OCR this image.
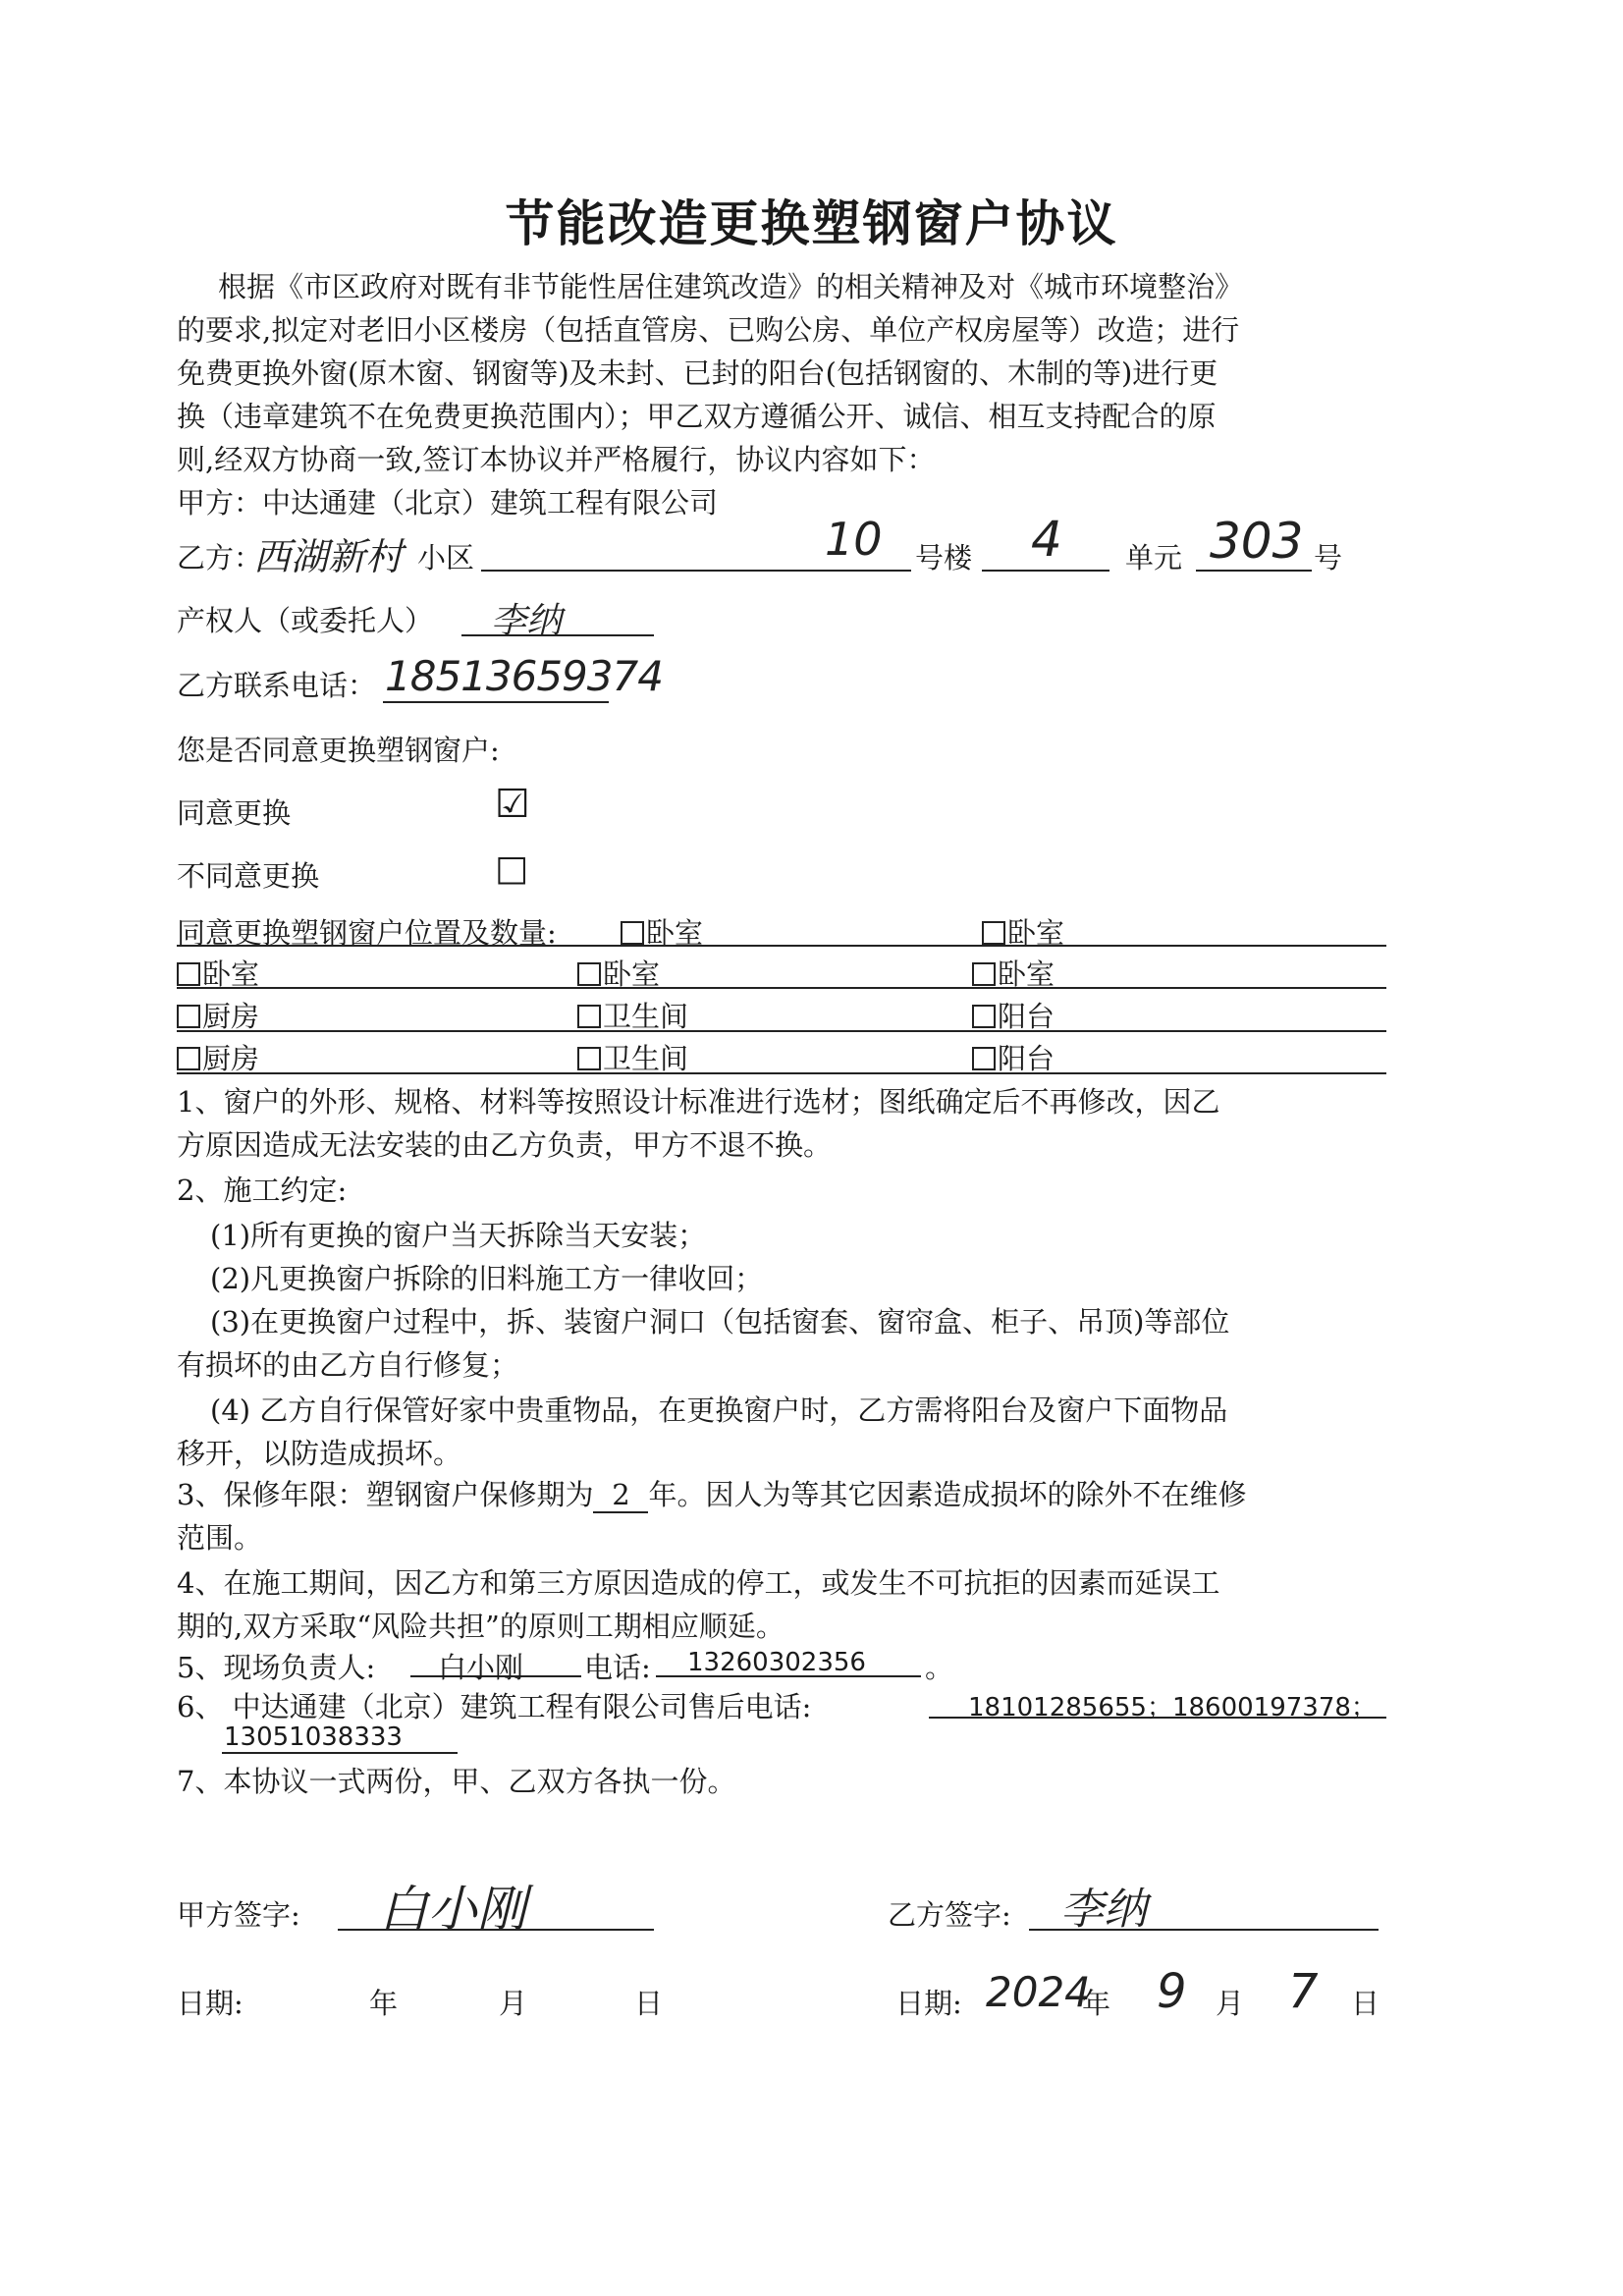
节能改造更换塑钢窗户协议
根据《市区政府对既有非节能性居住建筑改造》的相关精神及对《城市环境整治》
的要求,拟定对老旧小区楼房（包括直管房、已购公房、单位产权房屋等）改造；进行
免费更换外窗(原木窗、钢窗等)及未封、已封的阳台(包括钢窗的、木制的等)进行更
换（违章建筑不在免费更换范围内）；甲乙双方遵循公开、诚信、相互支持配合的原
则,经双方协商一致,签订本协议并严格履行，协议内容如下：
甲方：中达通建（北京）建筑工程有限公司
乙方：
西湖新村 小区	10 号楼 4 单元 303 号
产权人（或委托人） 李纳
乙方联系电话： 18513659374
您是否同意更换塑钢窗户:
同意更换	☑
不同意更换	□
同意更换塑钢窗户位置及数量:	卧室	卧室
卧室	卧室	卧室
厨房	卫生间	阳台
厨房	卫生间	阳台
1、窗户的外形、规格、材料等按照设计标准进行选材；图纸确定后不再修改，因乙
方原因造成无法安装的由乙方负责，甲方不退不换。
2、施工约定:
(1)所有更换的窗户当天拆除当天安装；
(2)凡更换窗户拆除的旧料施工方一律收回；
(3)在更换窗户过程中，拆、装窗户洞口（包括窗套、窗帘盒、柜子、吊顶)等部位
有损坏的由乙方自行修复；
(4) 乙方自行保管好家中贵重物品，在更换窗户时，乙方需将阳台及窗户下面物品
移开，以防造成损坏。
3、保修年限：塑钢窗户保修期为 2 年。因人为等其它因素造成损坏的除外不在维修
范围。
4、在施工期间，因乙方和第三方原因造成的停工，或发生不可抗拒的因素而延误工
期的,双方采取“风险共担”的原则工期相应顺延。
5、现场负责人: 白小刚 电话: 13260302356 。
6、 中达通建（北京）建筑工程有限公司售后电话:	18101285655；18600197378；
13051038333
7、本协议一式两份，甲、乙双方各执一份。
甲方签字: 白小刚	乙方签字: 李纳
日期:	年	月	日	日期: 2024
年 9 月 7 日
